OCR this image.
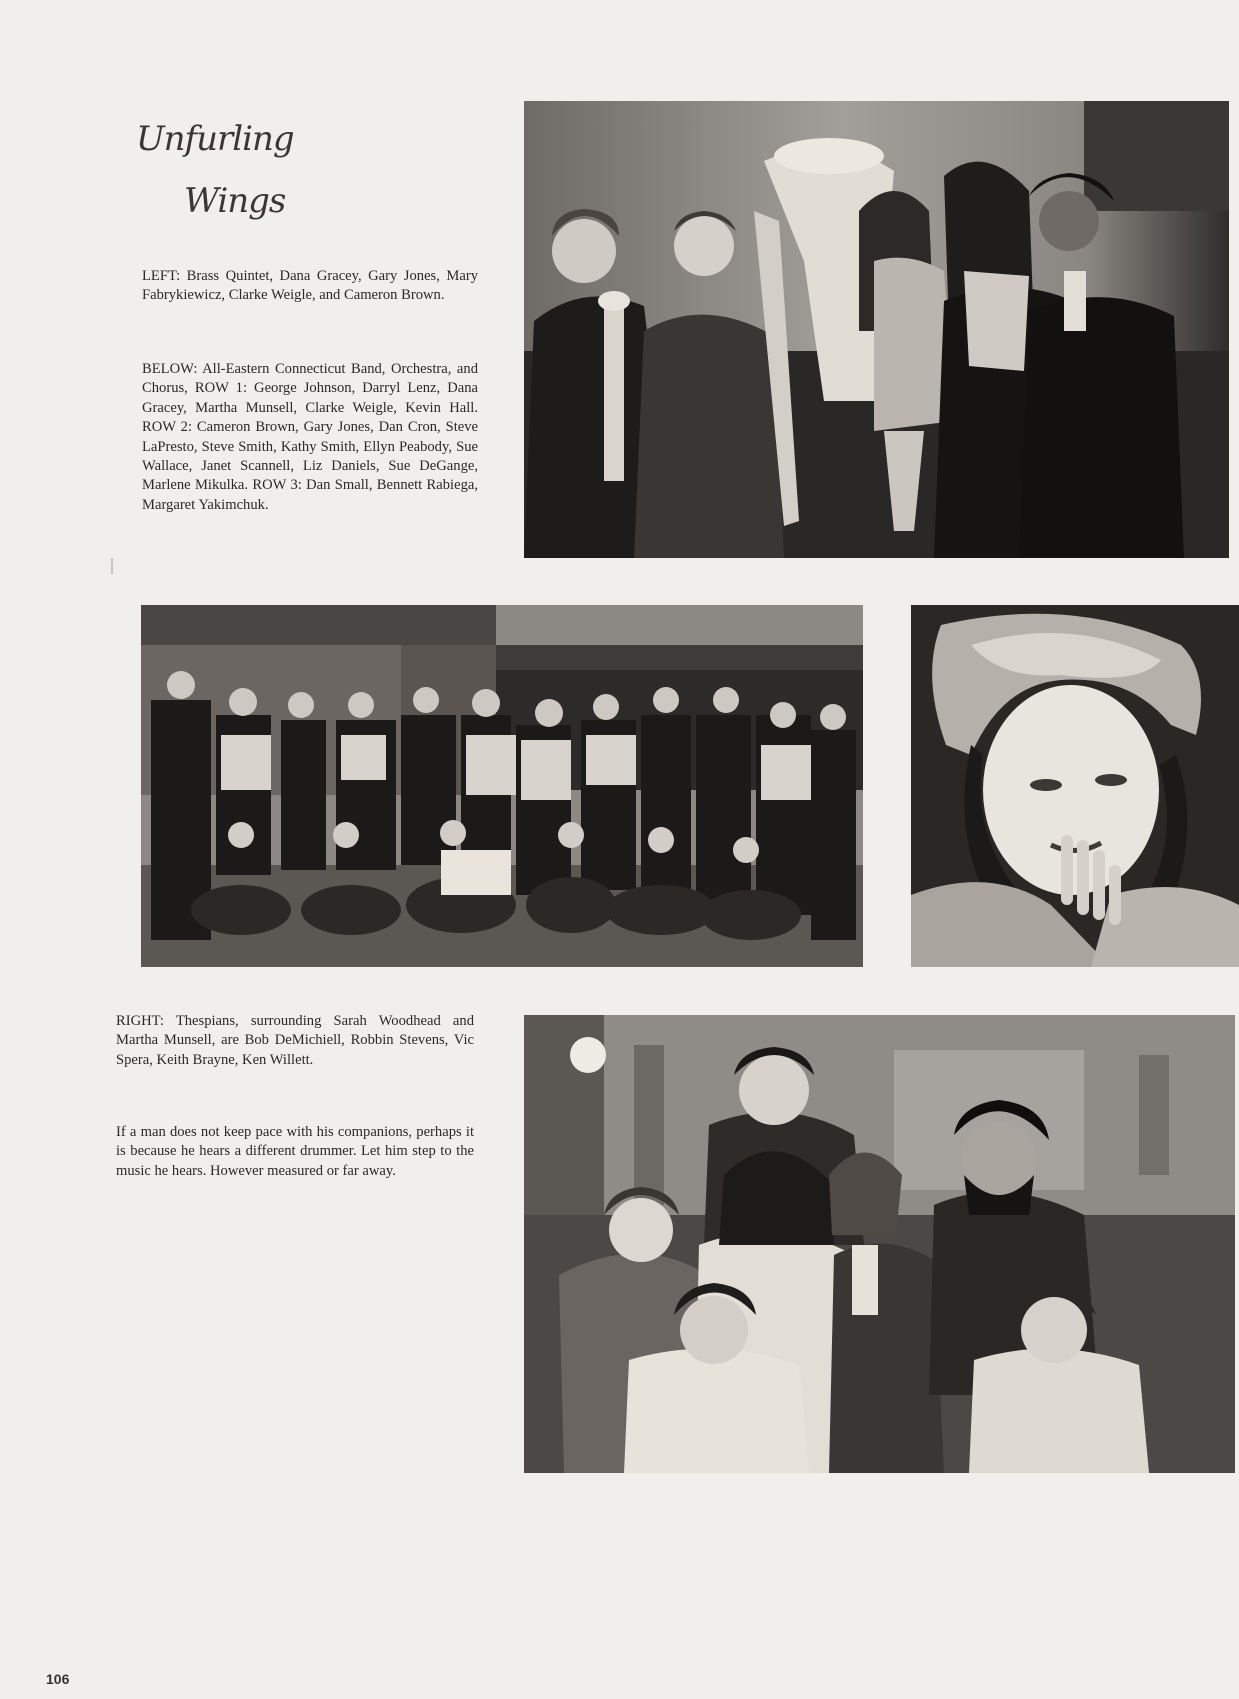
Unfurling
Wings

LEFT: Brass Quintet, Dana Gracey, Gary Jones, Mary Fabrykiewicz, Clarke Weigle, and Cameron Brown.

BELOW: All-Eastern Connecticut Band, Orchestra, and Chorus, ROW 1: George Johnson, Darryl Lenz, Dana Gracey, Martha Munsell, Clarke Weigle, Kevin Hall. ROW 2: Cameron Brown, Gary Jones, Dan Cron, Steve LaPresto, Steve Smith, Kathy Smith, Ellyn Peabody, Sue Wallace, Janet Scannell, Liz Daniels, Sue DeGange, Marlene Mikulka. ROW 3: Dan Small, Bennett Rabiega, Margaret Yakimchuk.

RIGHT: Thespians, surrounding Sarah Woodhead and Martha Munsell, are Bob DeMichiell, Robbin Stevens, Vic Spera, Keith Brayne, Ken Willett.

If a man does not keep pace with his companions, perhaps it is because he hears a different drummer. Let him step to the music he hears. However measured or far away.

106
